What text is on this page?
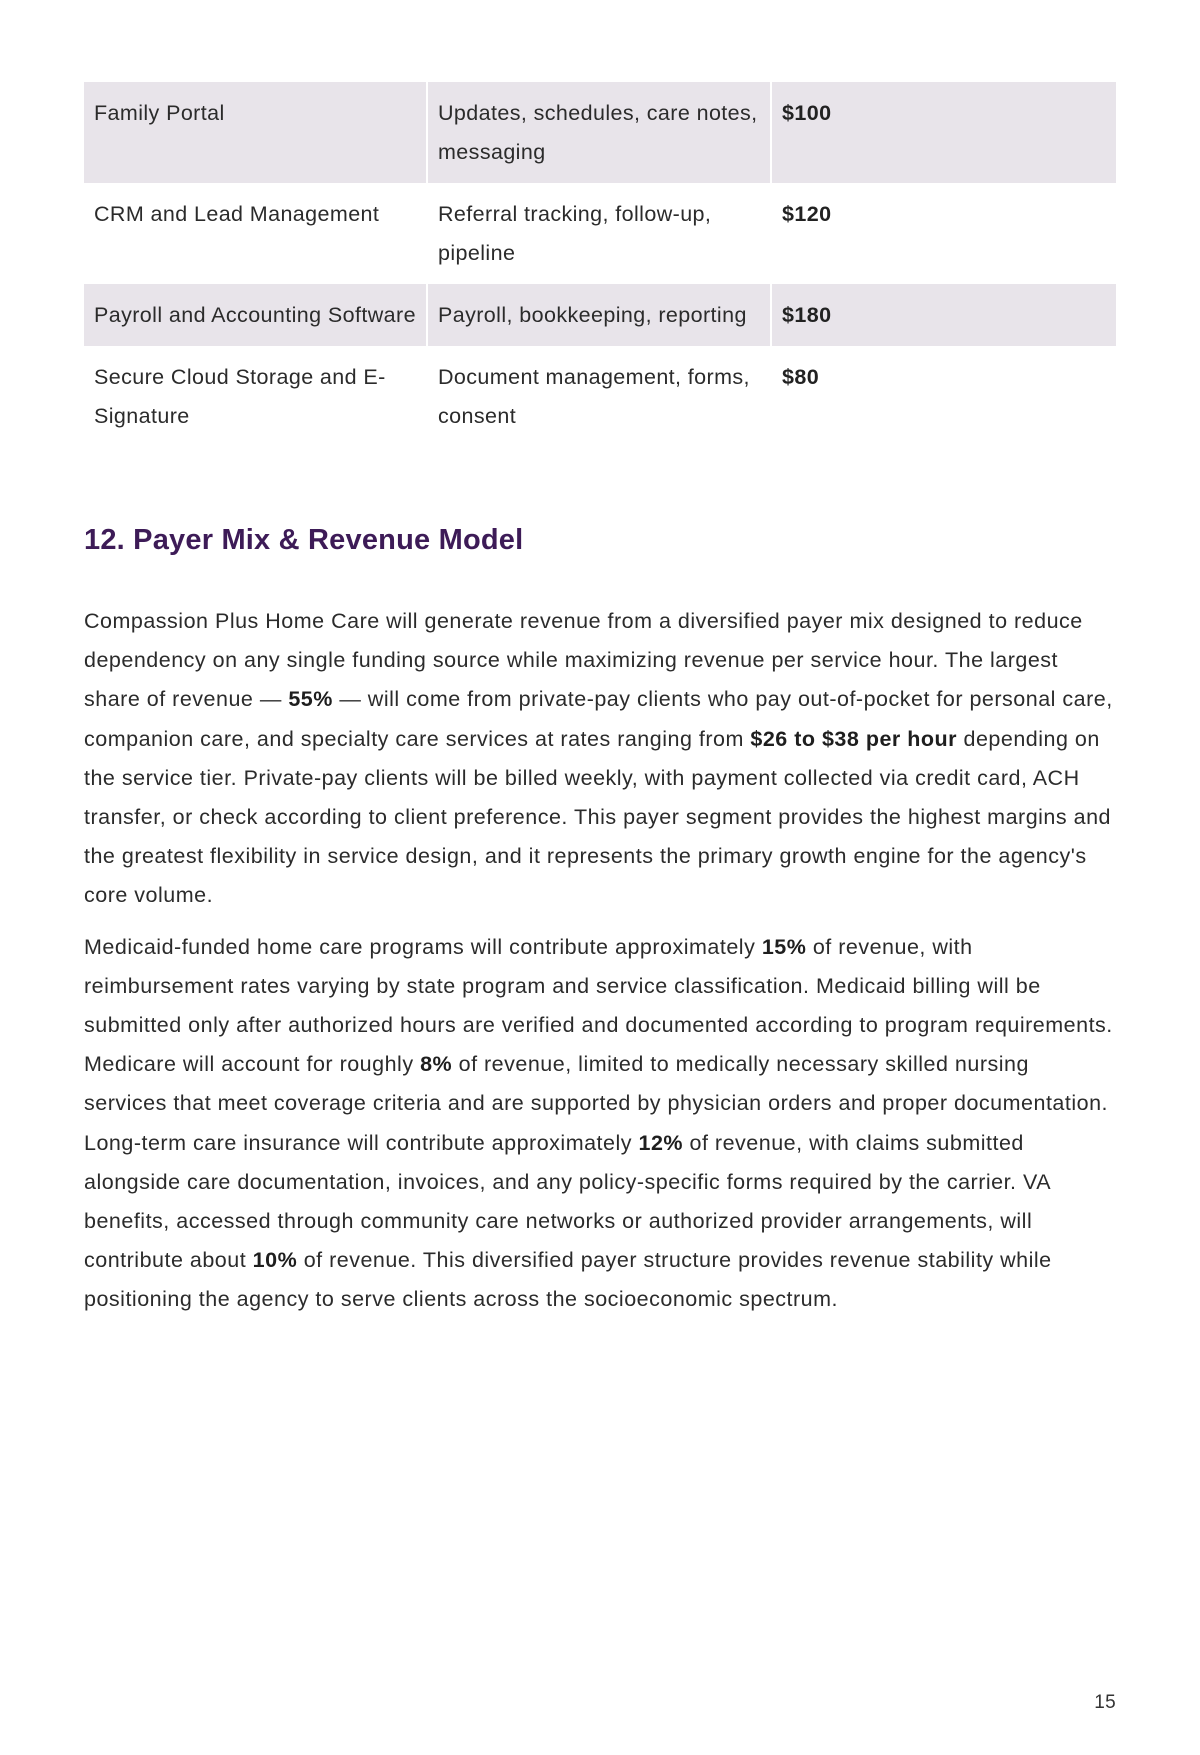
Family Portal	Updates, schedules, care notes, messaging	$100
CRM and Lead Management	Referral tracking, follow-up, pipeline	$120
Payroll and Accounting Software	Payroll, bookkeeping, reporting	$180
Secure Cloud Storage and E-Signature	Document management, forms, consent	$80
12. Payer Mix & Revenue Model

Compassion Plus Home Care will generate revenue from a diversified payer mix designed to reduce dependency on any single funding source while maximizing revenue per service hour. The largest share of revenue — 55% — will come from private-pay clients who pay out-of-pocket for personal care, companion care, and specialty care services at rates ranging from $26 to $38 per hour depending on the service tier. Private-pay clients will be billed weekly, with payment collected via credit card, ACH transfer, or check according to client preference. This payer segment provides the highest margins and the greatest flexibility in service design, and it represents the primary growth engine for the agency's core volume.

Medicaid-funded home care programs will contribute approximately 15% of revenue, with reimbursement rates varying by state program and service classification. Medicaid billing will be submitted only after authorized hours are verified and documented according to program requirements. Medicare will account for roughly 8% of revenue, limited to medically necessary skilled nursing services that meet coverage criteria and are supported by physician orders and proper documentation. Long-term care insurance will contribute approximately 12% of revenue, with claims submitted alongside care documentation, invoices, and any policy-specific forms required by the carrier. VA benefits, accessed through community care networks or authorized provider arrangements, will contribute about 10% of revenue. This diversified payer structure provides revenue stability while positioning the agency to serve clients across the socioeconomic spectrum.

15
